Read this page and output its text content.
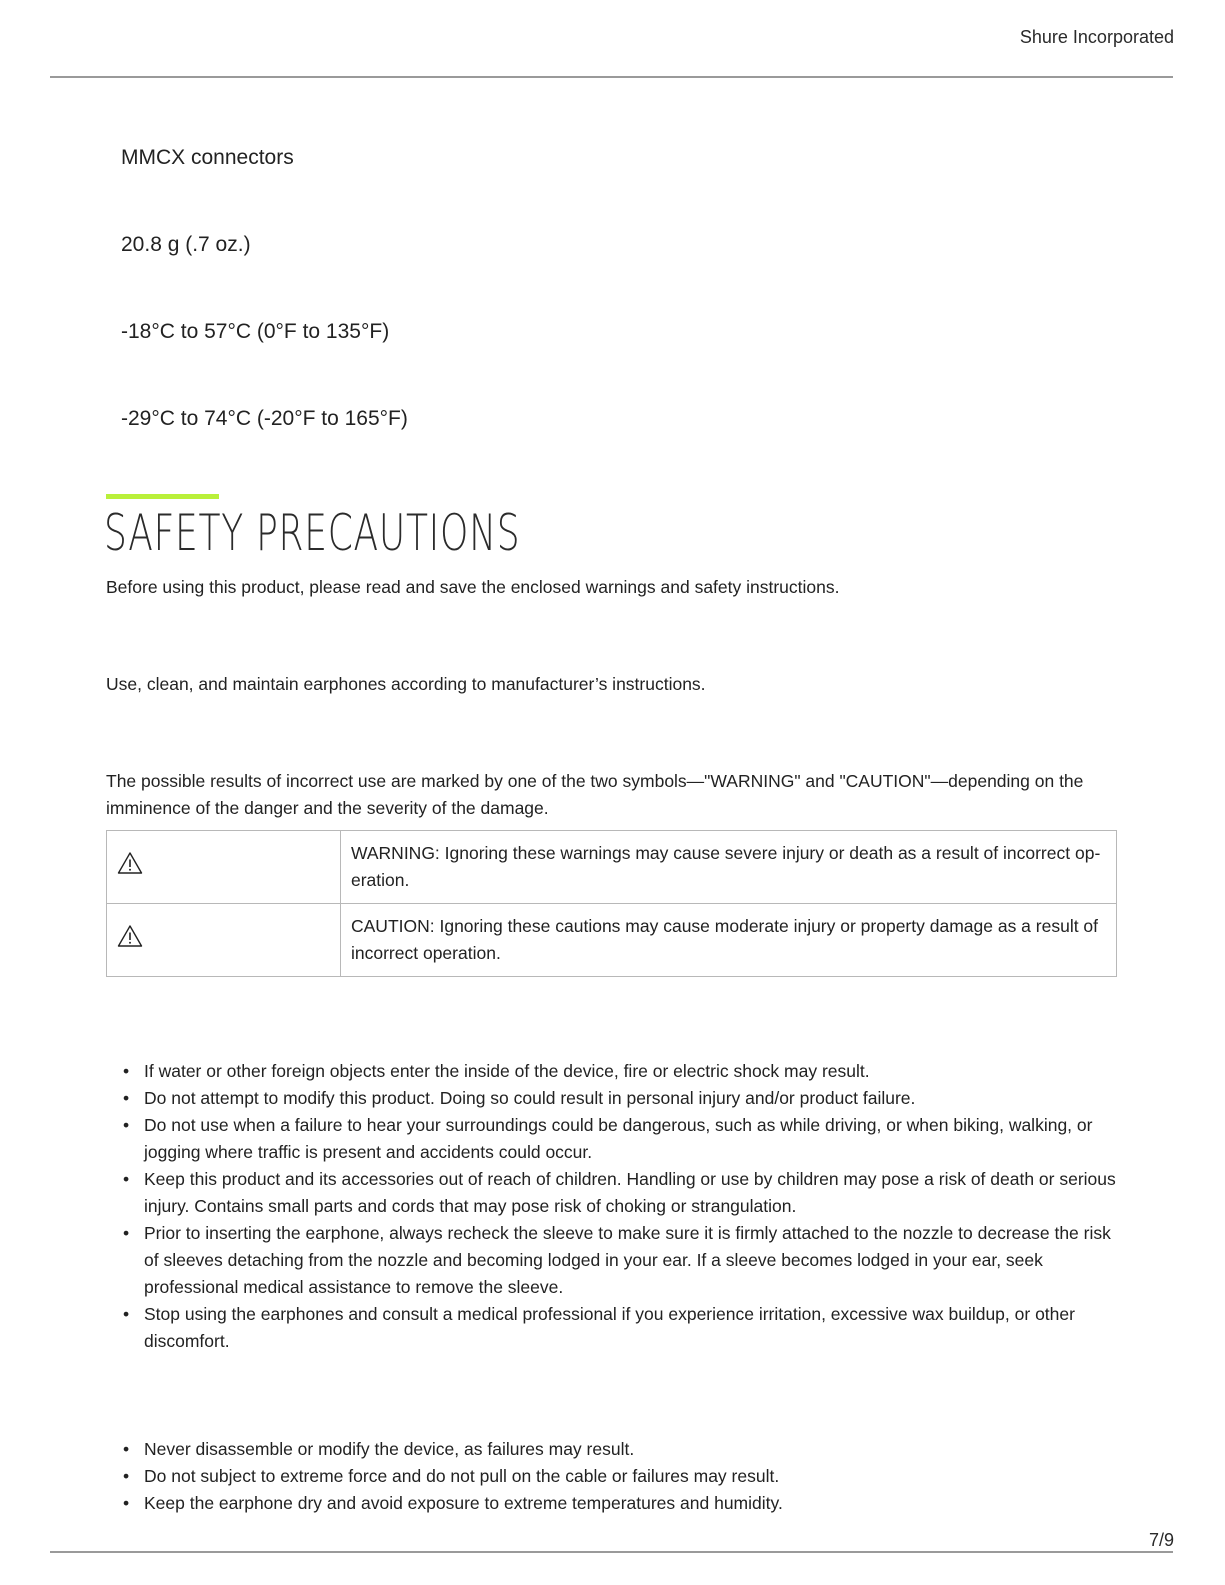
Shure Incorporated
MMCX connectors
20.8 g (.7 oz.)
-18°C to 57°C (0°F to 135°F)
-29°C to 74°C (-20°F to 165°F)
SAFETY PRECAUTIONS
Before using this product, please read and save the enclosed warnings and safety instructions.
Use, clean, and maintain earphones according to manufacturer’s instructions.
The possible results of incorrect use are marked by one of the two symbols—"WARNING" and "CAUTION"—depending on the imminence of the danger and the severity of the damage.
	WARNING: Ignoring these warnings may cause severe injury or death as a result of incorrect operation.
	CAUTION: Ignoring these cautions may cause moderate injury or property damage as a result of incorrect operation.
• If water or other foreign objects enter the inside of the device, fire or electric shock may result.
• Do not attempt to modify this product. Doing so could result in personal injury and/or product failure.
• Do not use when a failure to hear your surroundings could be dangerous, such as while driving, or when biking, walking, or jogging where traffic is present and accidents could occur.
• Keep this product and its accessories out of reach of children. Handling or use by children may pose a risk of death or serious injury. Contains small parts and cords that may pose risk of choking or strangulation.
• Prior to inserting the earphone, always recheck the sleeve to make sure it is firmly attached to the nozzle to decrease the risk of sleeves detaching from the nozzle and becoming lodged in your ear. If a sleeve becomes lodged in your ear, seek professional medical assistance to remove the sleeve.
• Stop using the earphones and consult a medical professional if you experience irritation, excessive wax buildup, or other discomfort.
• Never disassemble or modify the device, as failures may result.
• Do not subject to extreme force and do not pull on the cable or failures may result.
• Keep the earphone dry and avoid exposure to extreme temperatures and humidity.
7/9
